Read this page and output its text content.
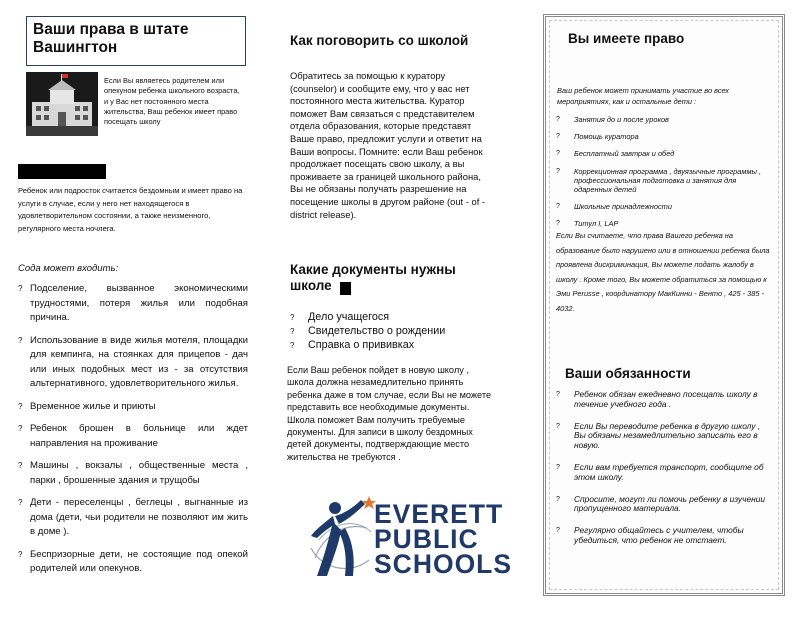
Ваши права в штате Вашингтон
Если Вы являетесь родителем или опекуном ребенка школьного возраста, и у Вас нет постоянного места жительства, Ваш ребенок имеет право посещать школу
Ребенок или подросток считается бездомным и имеет право на услуги в случае, если у него нет находящегося в удовлетворительном состоянии, а также неизменного, регулярного места ночлега.
Сода может входить:
? Подселение, вызванное экономическими трудностями, потеря жилья или подобная причина.
? Использование в виде жилья мотеля, площадки для кемпинга, на стоянках для прицепов - дач или иных подобных мест из - за отсутствия альтернативного, удовлетворительного жилья.
? Временное жилье и приюты
? Ребенок брошен в больнице или ждет направления на проживание
? Машины , вокзалы , общественные места , парки , брошенные здания и трущобы
? Дети - переселенцы , беглецы , выгнанные из дома (дети, чьи родители не позволяют им жить в доме ).
? Беспризорные дети, не состоящие под опекой родителей или опекунов.
Как поговорить со школой
Обратитесь за помощью к куратору (counselor) и сообщите ему, что у вас нет постоянного места жительства. Куратор поможет Вам связаться с представителем отдела образования, которые представят Ваше право, предложит услуги и ответит на Ваши вопросы. Помните: если Ваш ребенок продолжает посещать свою школу, а вы проживаете за границей школьного района, Вы не обязаны получать разрешение на посещение школы в другом районе (out - of - district release).
Какие документы нужны школе
? Дело учащегося
? Свидетельство о рождении
? Справка о прививках
Если Ваш ребенок пойдет в новую школу , школа должна незамедлительно принять ребенка даже в том случае, если Вы не можете представить все необходимые документы. Школа поможет Вам получить требуемые документы. Для записи в школу бездомных детей документы, подтверждающие место жительства не требуются .
EVERETT
PUBLIC
SCHOOLS
Вы имеете право
Ваш ребенок может принимать участие во всех мероприятиях, как и остальные дети :
? Занятия до и после уроков
? Помощь куратора
? Бесплатный завтрак и обед
? Коррекционная программа , двуязычные программы , профессиональная подготовка и занятия для одаренных детей
? Школьные принадлежности
? Титул I, LAP
Если Вы считаете, что права Вашего ребенка на образование было нарушено или в отношении ребенка была проявлена дискриминация, Вы можете подать жалобу в школу . Кроме того, Вы можете обратиться за помощью к Эми Perusse , координатору МакКинни - Венто , 425 - 385 - 4032.
Ваши обязанности
? Ребенок обязан ежедневно посещать школу в течение учебного года .
? Если Вы переводите ребенка в другую школу , Вы обязаны незамедлительно записать его в новую.
? Если вам требуется транспорт, сообщите об этом школу.
? Спросите, могут ли помочь ребенку в изучении пропущенного материала.
? Регулярно общайтесь с учителем, чтобы убедиться, что ребенок не отстает.
